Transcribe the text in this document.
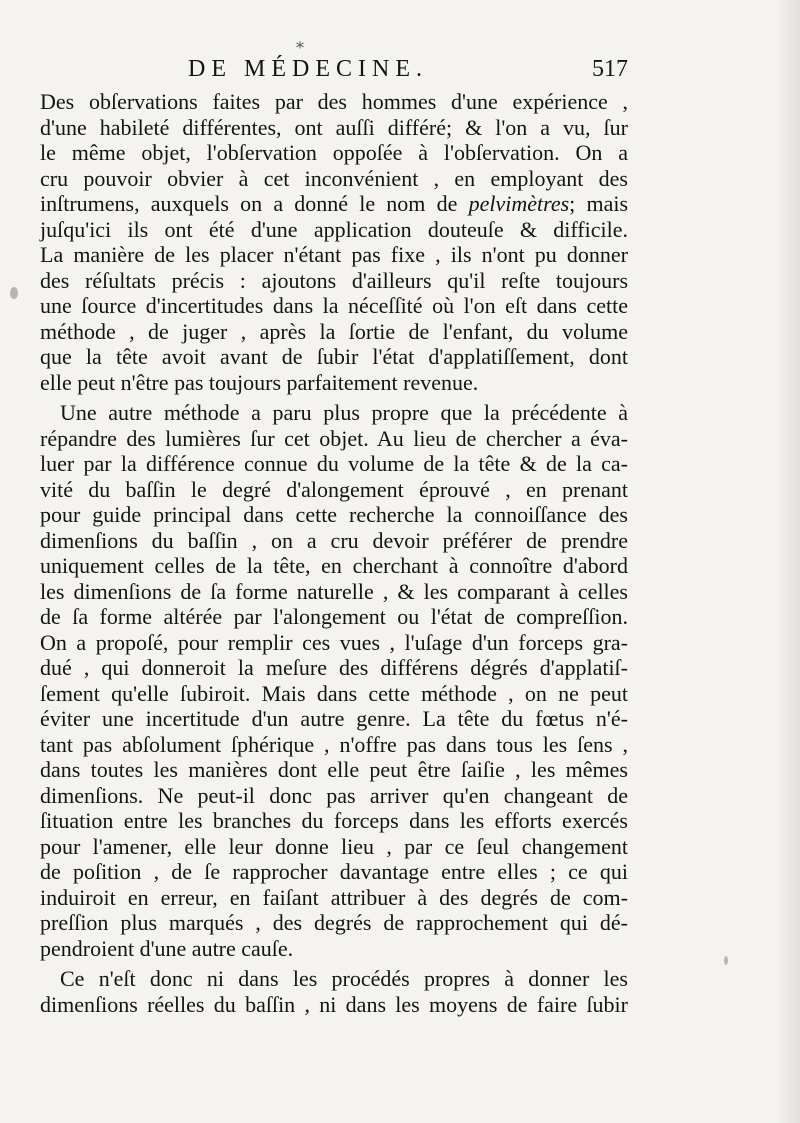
⁎
DE MÉDECINE.	517
Des obſervations faites par des hommes d'une expérience ,
d'une habileté différentes, ont auſſi différé; & l'on a vu, ſur
le même objet, l'obſervation oppoſée à l'obſervation. On a
cru pouvoir obvier à cet inconvénient , en employant des
inſtrumens, auxquels on a donné le nom de pelvimètres; mais
juſqu'ici ils ont été d'une application douteuſe & difficile.
La manière de les placer n'étant pas fixe , ils n'ont pu donner
des réſultats précis : ajoutons d'ailleurs qu'il reſte toujours
une ſource d'incertitudes dans la néceſſité où l'on eſt dans cette
méthode , de juger , après la ſortie de l'enfant, du volume
que la tête avoit avant de ſubir l'état d'applatiſſement, dont
elle peut n'être pas toujours parfaitement revenue.
Une autre méthode a paru plus propre que la précédente à
répandre des lumières ſur cet objet. Au lieu de chercher a éva-
luer par la différence connue du volume de la tête & de la ca-
vité du baſſin le degré d'alongement éprouvé , en prenant
pour guide principal dans cette recherche la connoiſſance des
dimenſions du baſſin , on a cru devoir préférer de prendre
uniquement celles de la tête, en cherchant à connoître d'abord
les dimenſions de ſa forme naturelle , & les comparant à celles
de ſa forme altérée par l'alongement ou l'état de compreſſion.
On a propoſé, pour remplir ces vues , l'uſage d'un forceps gra-
dué , qui donneroit la meſure des différens dégrés d'applatiſ-
ſement qu'elle ſubiroit. Mais dans cette méthode , on ne peut
éviter une incertitude d'un autre genre. La tête du fœtus n'é-
tant pas abſolument ſphérique , n'offre pas dans tous les ſens ,
dans toutes les manières dont elle peut être ſaiſie , les mêmes
dimenſions. Ne peut-il donc pas arriver qu'en changeant de
ſituation entre les branches du forceps dans les efforts exercés
pour l'amener, elle leur donne lieu , par ce ſeul changement
de poſition , de ſe rapprocher davantage entre elles ; ce qui
induiroit en erreur, en faiſant attribuer à des degrés de com-
preſſion plus marqués , des degrés de rapprochement qui dé-
pendroient d'une autre cauſe.
Ce n'eſt donc ni dans les procédés propres à donner les
dimenſions réelles du baſſin , ni dans les moyens de faire ſubir
